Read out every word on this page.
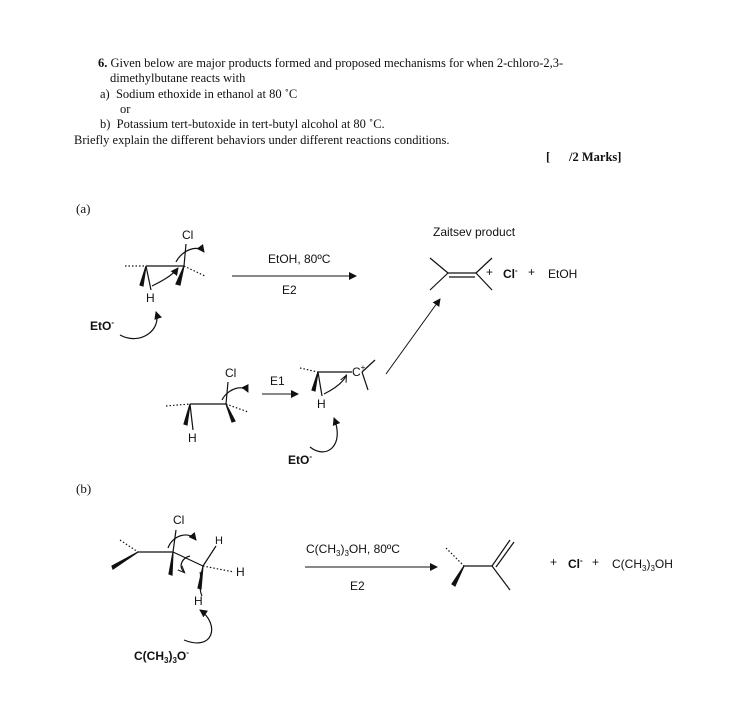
6. Given below are major products formed and proposed mechanisms for when 2-chloro-2,3-
dimethylbutane reacts with
a) Sodium ethoxide in ethanol at 80 ˚C
or
b) Potassium tert-butoxide in tert-butyl alcohol at 80 ˚C.
Briefly explain the different behaviors under different reactions conditions.
[ /2 Marks]
(a)
Cl
H
EtO-
EtOH, 80ºC
E2
Zaitsev product
+ Cl- + EtOH
Cl
H
E1
C+
H
EtO-
(b)
Cl
H
H
H
$C(CH_3)_3O^-$
$C(CH_3)_3OH$, 80ºC
E2
+ $Cl^- + C(CH_3)_3OH$
